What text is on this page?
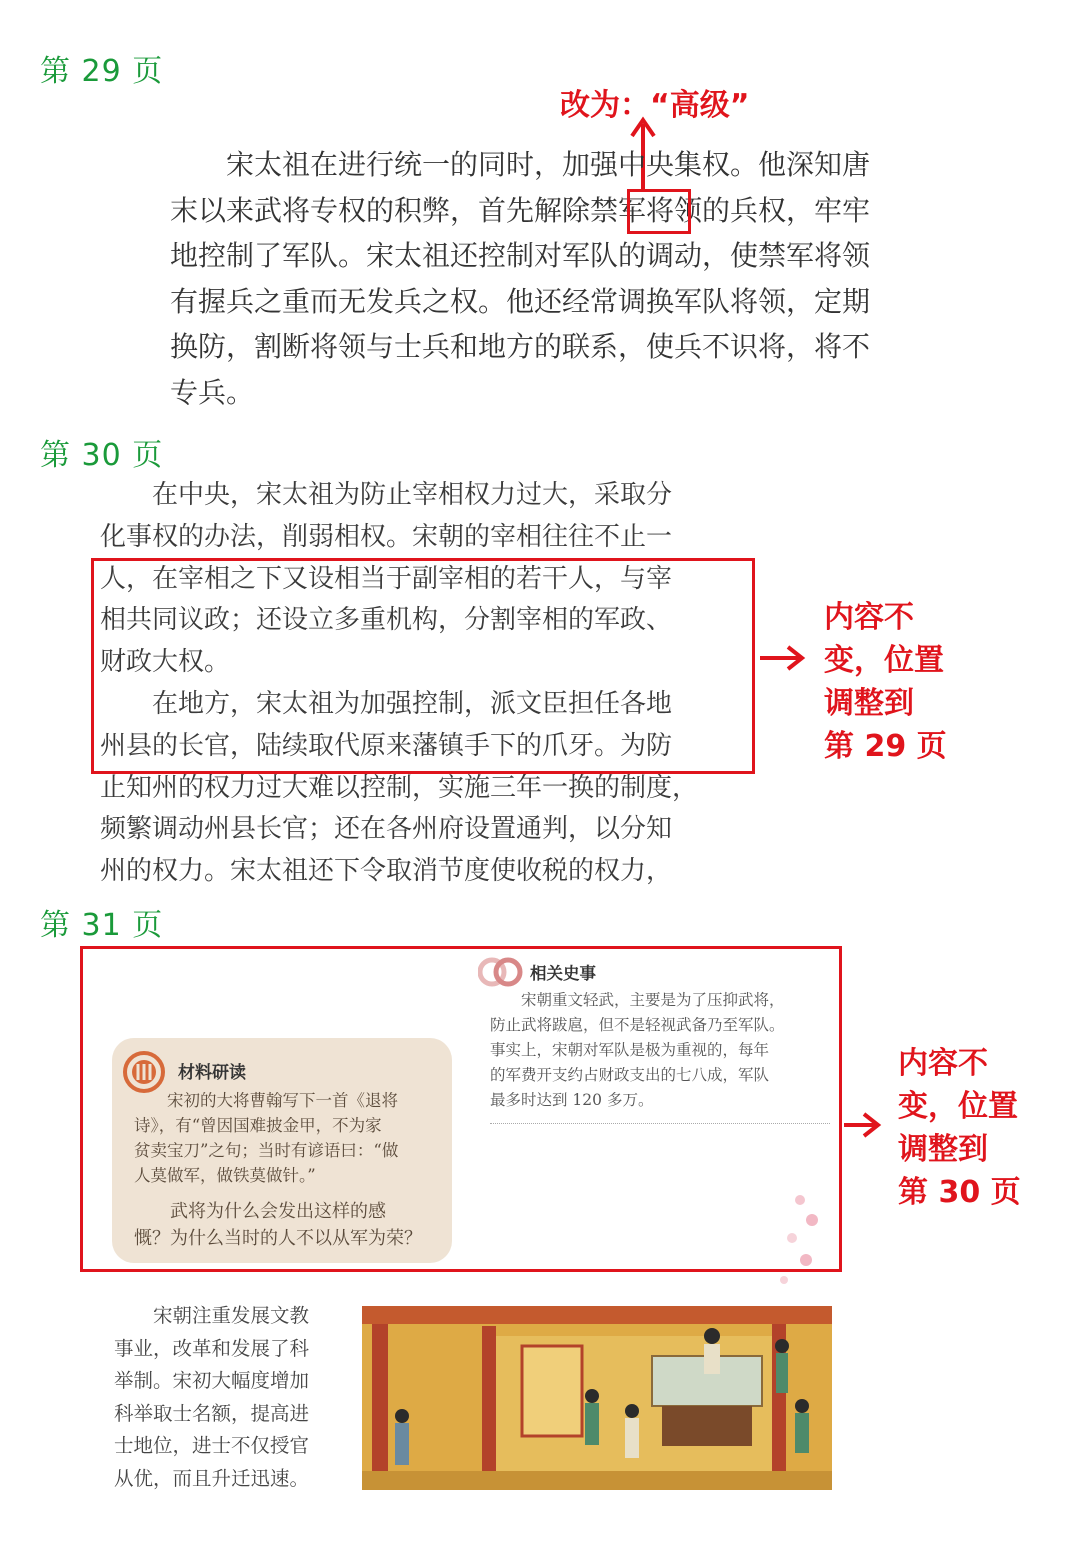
第 29 页
改为：“高级”
　　宋太祖在进行统一的同时，加强中央集权。他深知唐
末以来武将专权的积弊，首先解除禁军将领的兵权，牢牢
地控制了军队。宋太祖还控制对军队的调动，使禁军将领
有握兵之重而无发兵之权。他还经常调换军队将领，定期
换防，割断将领与士兵和地方的联系，使兵不识将，将不
专兵。
第 30 页
　　在中央，宋太祖为防止宰相权力过大，采取分
化事权的办法，削弱相权。宋朝的宰相往往不止一
人，在宰相之下又设相当于副宰相的若干人，与宰
相共同议政；还设立多重机构，分割宰相的军政、
财政大权。
　　在地方，宋太祖为加强控制，派文臣担任各地
州县的长官，陆续取代原来藩镇手下的爪牙。为防
止知州的权力过大难以控制，实施三年一换的制度，
频繁调动州县长官；还在各州府设置通判，以分知
州的权力。宋太祖还下令取消节度使收税的权力，
内容不
变，位置
调整到
第 29 页
第 31 页
材料研读
　　宋初的大将曹翰写下一首《退将
诗》，有“曾因国难披金甲，不为家
贫卖宝刀”之句；当时有谚语曰：“做
人莫做军，做铁莫做针。”
　　武将为什么会发出这样的感
慨？为什么当时的人不以从军为荣？
相关史事
　　宋朝重文轻武，主要是为了压抑武将，
防止武将跋扈，但不是轻视武备乃至军队。
事实上，宋朝对军队是极为重视的，每年
的军费开支约占财政支出的七八成，军队
最多时达到 120 多万。
内容不
变，位置
调整到
第 30 页
　　宋朝注重发展文教
事业，改革和发展了科
举制。宋初大幅度增加
科举取士名额，提高进
士地位，进士不仅授官
从优，而且升迁迅速。
